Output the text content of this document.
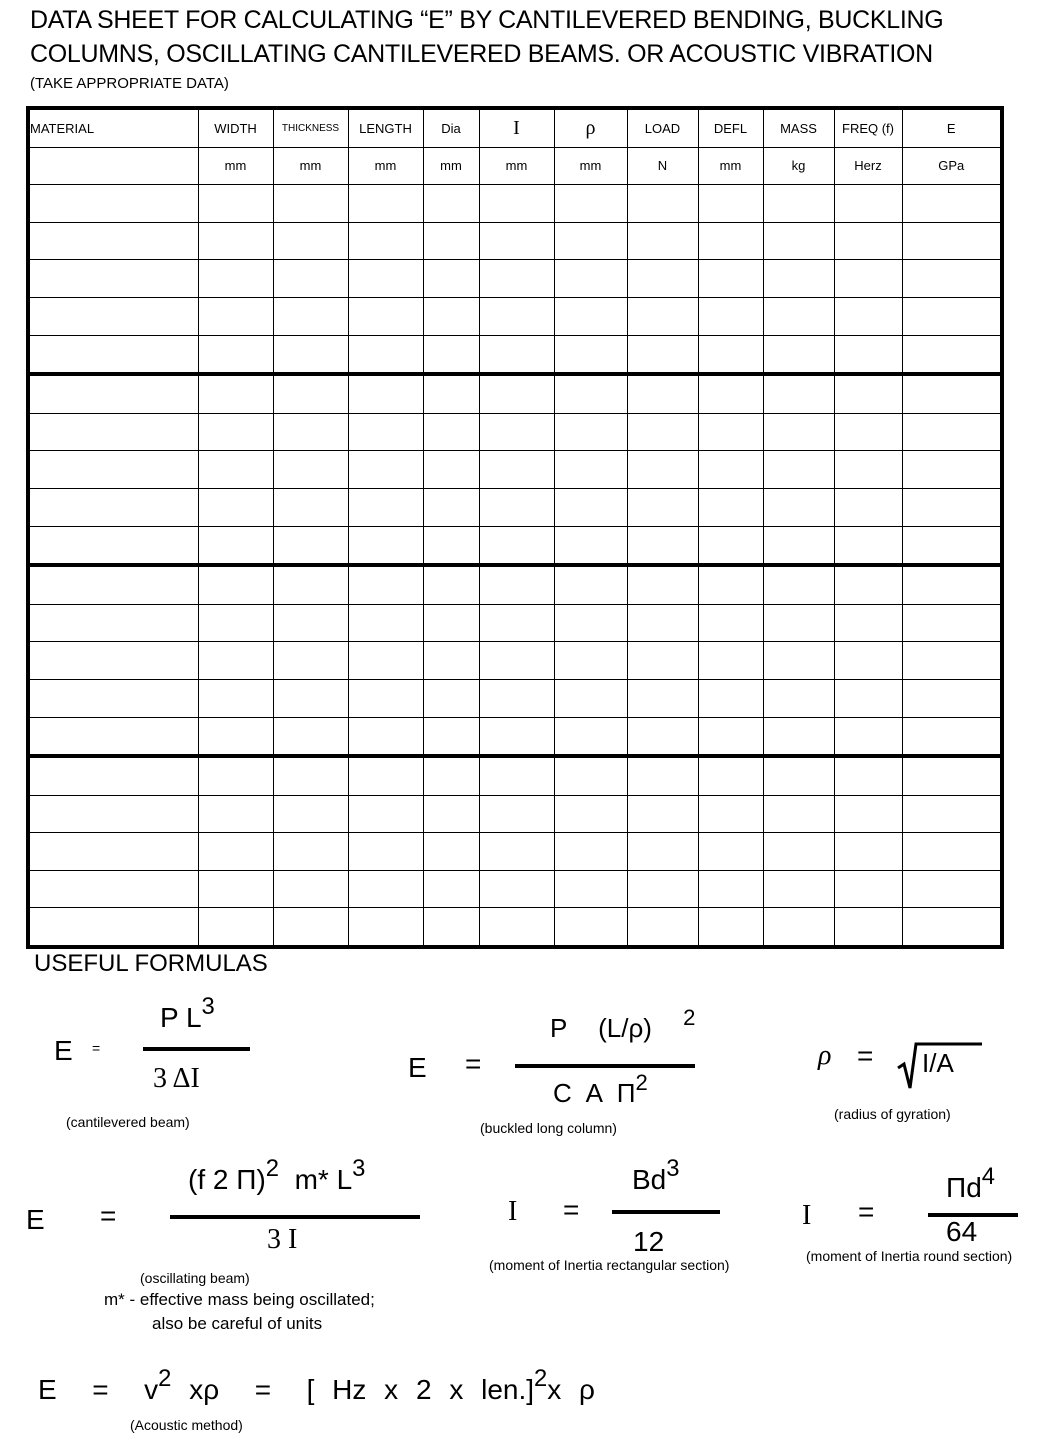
DATA SHEET FOR CALCULATING “E” BY CANTILEVERED BENDING, BUCKLING
COLUMNS, OSCILLATING CANTILEVERED BEAMS. OR ACOUSTIC VIBRATION
(TAKE APPROPRIATE DATA)
MATERIAL	WIDTH	THICKNESS	LENGTH	Dia	I	ρ	LOAD	DEFL	MASS	FREQ (f)	E
	mm	mm	mm	mm	mm	mm	N	mm	kg	Herz	GPa

USEFUL FORMULAS
E =
P $L^3$
3 ΔI
(cantilevered beam)
E =
P (L/ρ) $^2$
C A $\Pi^2$
(buckled long column)
ρ = I/A
(radius of gyration)
E =
(f 2 Π)$^2$ m* $L^3$
3 I
(oscillating beam)
m* - effective mass being oscillated;
also be careful of units
I =
$Bd^3$
12
(moment of Inertia rectangular section)
I =
$\Pi d^4$
64
(moment of Inertia round section)
$E = v^2$ xρ = [ Hz x 2 x len.]$^2$x ρ
(Acoustic method)
